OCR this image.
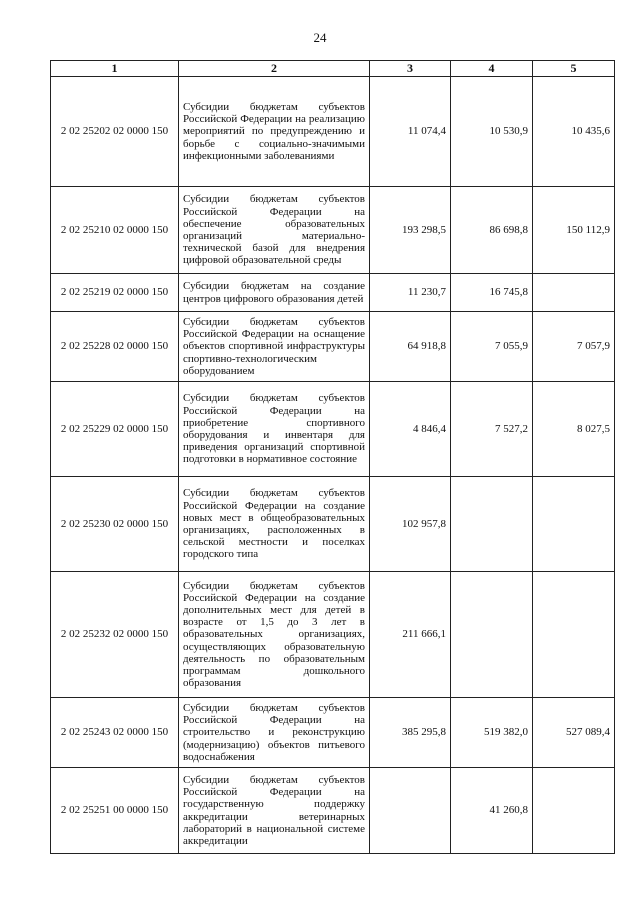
24
1	2	3	4	5
2 02 25202 02 0000 150	Субсидии бюджетам субъектов Российской Федерации на реализацию мероприятий по предупреждению и борьбе с социально-значимыми инфекционными заболеваниями	11 074,4	10 530,9	10 435,6
2 02 25210 02 0000 150	Субсидии бюджетам субъектов Российской Федерации на обеспечение образовательных организаций материально-технической базой для внедрения цифровой образовательной среды	193 298,5	86 698,8	150 112,9
2 02 25219 02 0000 150	Субсидии бюджетам на создание центров цифрового образования детей	11 230,7	16 745,8	
2 02 25228 02 0000 150	Субсидии бюджетам субъектов Российской Федерации на оснащение объектов спортивной инфраструктуры спортивно-технологическим оборудованием	64 918,8	7 055,9	7 057,9
2 02 25229 02 0000 150	Субсидии бюджетам субъектов Российской Федерации на приобретение спортивного оборудования и инвентаря для приведения организаций спортивной подготовки в нормативное состояние	4 846,4	7 527,2	8 027,5
2 02 25230 02 0000 150	Субсидии бюджетам субъектов Российской Федерации на создание новых мест в общеобразовательных организациях, расположенных в сельской местности и поселках городского типа	102 957,8		
2 02 25232 02 0000 150	Субсидии бюджетам субъектов Российской Федерации на создание дополнительных мест для детей в возрасте от 1,5 до 3 лет в образовательных организациях, осуществляющих образовательную деятельность по образовательным программам дошкольного образования	211 666,1		
2 02 25243 02 0000 150	Субсидии бюджетам субъектов Российской Федерации на строительство и реконструкцию (модернизацию) объектов питьевого водоснабжения	385 295,8	519 382,0	527 089,4
2 02 25251 00 0000 150	Субсидии бюджетам субъектов Российской Федерации на государственную поддержку аккредитации ветеринарных лабораторий в национальной системе аккредитации		41 260,8	
